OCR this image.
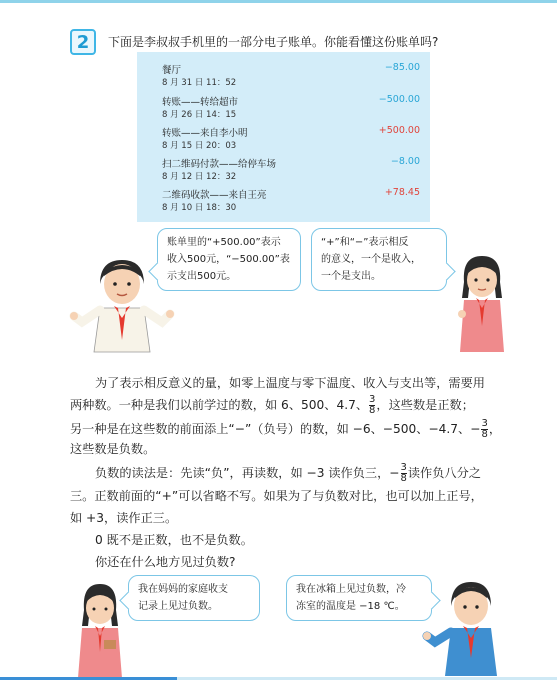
2	下面是李叔叔手机里的一部分电子账单。你能看懂这份账单吗?
餐厅
8 月 31 日 11：52
−85.00
转账——转给超市
8 月 26 日 14：15
−500.00
转账——来自李小明
8 月 15 日 20：03
+500.00
扫二维码付款——给停车场
8 月 12 日 12：32
−8.00
二维码收款——来自王亮
8 月 10 日 18：30
+78.45
账单里的“+500.00”表示
收入500元，“−500.00”表
示支出500元。
“+”和“−”表示相反
的意义，一个是收入，
一个是支出。
为了表示相反意义的量，如零上温度与零下温度、收入与支出等，需要用
两种数。一种是我们以前学过的数，如 6、500、4.7、 $\frac{3}{8}$ ，这些数是正数；
另一种是在这些数的前面添上“−”（负号）的数，如 −6、−500、−4.7、− $\frac{3}{8}$ ，
这些数是负数。
负数的读法是：先读“负”，再读数，如 −3 读作负三，− $\frac{3}{8}$ 读作负八分之
三。正数前面的“+”可以省略不写。如果为了与负数对比，也可以加上正号，
如 +3，读作正三。
0 既不是正数，也不是负数。
你还在什么地方见过负数?
我在妈妈的家庭收支
记录上见过负数。
我在冰箱上见过负数，冷
冻室的温度是 −18 ℃。
